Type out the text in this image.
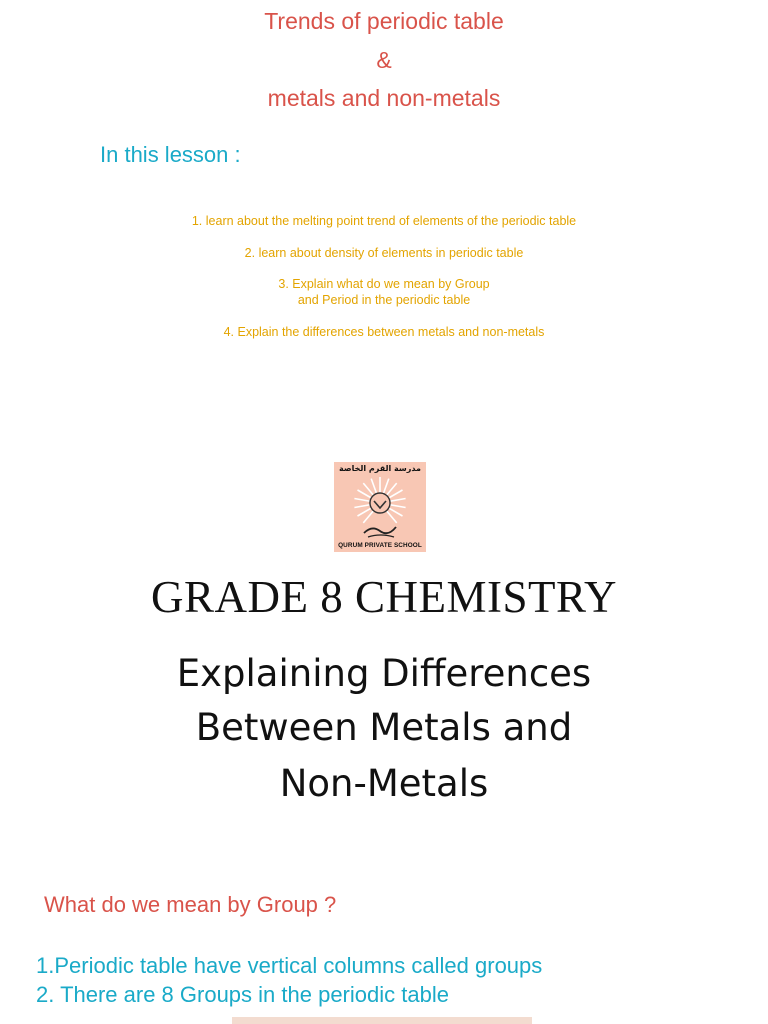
Trends of periodic table
&
metals and non-metals
In this lesson :
1. learn about the melting point trend of elements of the periodic table
2. learn about density of elements in periodic table
3. Explain what do we mean by Group and Period in the periodic table
4. Explain the differences between metals and non-metals
مدرسة القرم الخاصة
QURUM PRIVATE SCHOOL
GRADE 8 CHEMISTRY
Explaining Differences
Between Metals and
Non-Metals
What do we mean by Group ?
1.Periodic table have vertical columns called groups
2. There are 8 Groups in the periodic table
